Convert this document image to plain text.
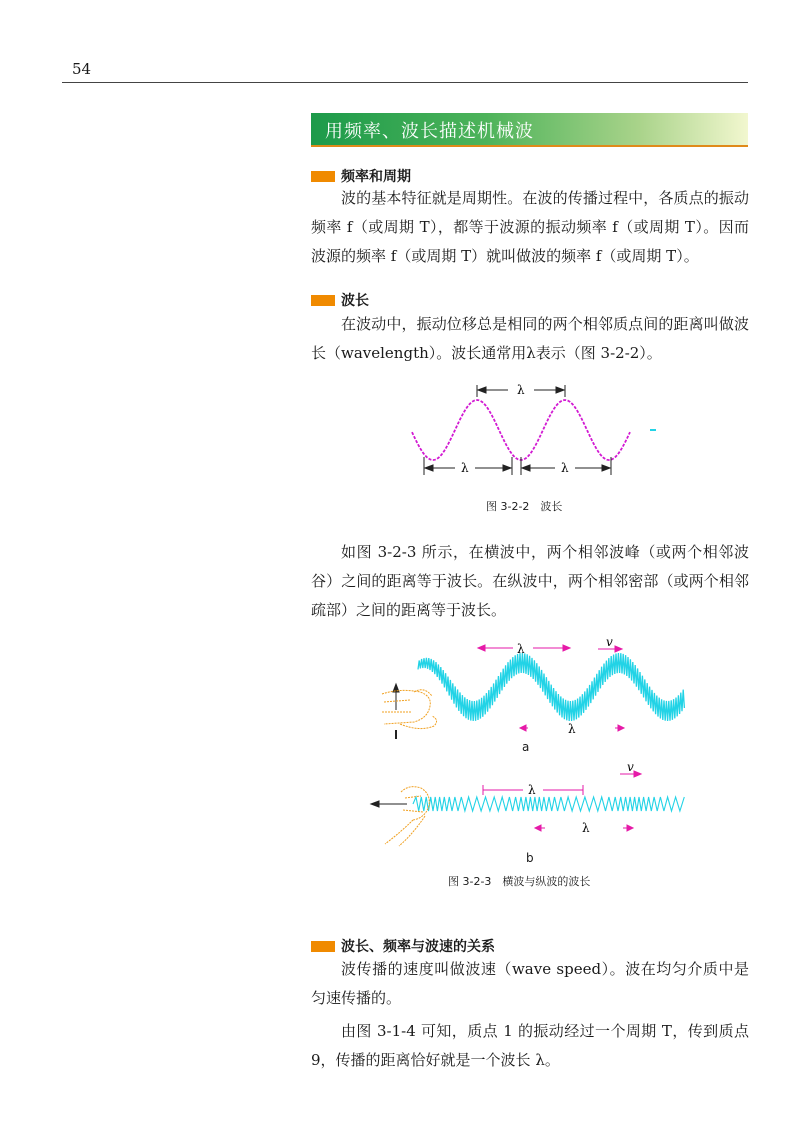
54
用频率、波长描述机械波
频率和周期

波的基本特征就是周期性。在波的传播过程中，各质点的振动频率 f（或周期 T），都等于波源的振动频率 f（或周期 T）。因而波源的频率 f（或周期 T）就叫做波的频率 f（或周期 T）。

波长

在波动中，振动位移总是相同的两个相邻质点间的距离叫做波长（wavelength）。波长通常用λ表示（图 3-2-2）。

λ
λ	λ
图 3-2-2　波长

如图 3-2-3 所示，在横波中，两个相邻波峰（或两个相邻波谷）之间的距离等于波长。在纵波中，两个相邻密部（或两个相邻疏部）之间的距离等于波长。

λ	v
λ
a
λ
v
λ
b
图 3-2-3　横波与纵波的波长
波长、频率与波速的关系

波传播的速度叫做波速（wave speed）。波在均匀介质中是匀速传播的。

由图 3-1-4 可知，质点 1 的振动经过一个周期 T，传到质点 9，传播的距离恰好就是一个波长 λ。
